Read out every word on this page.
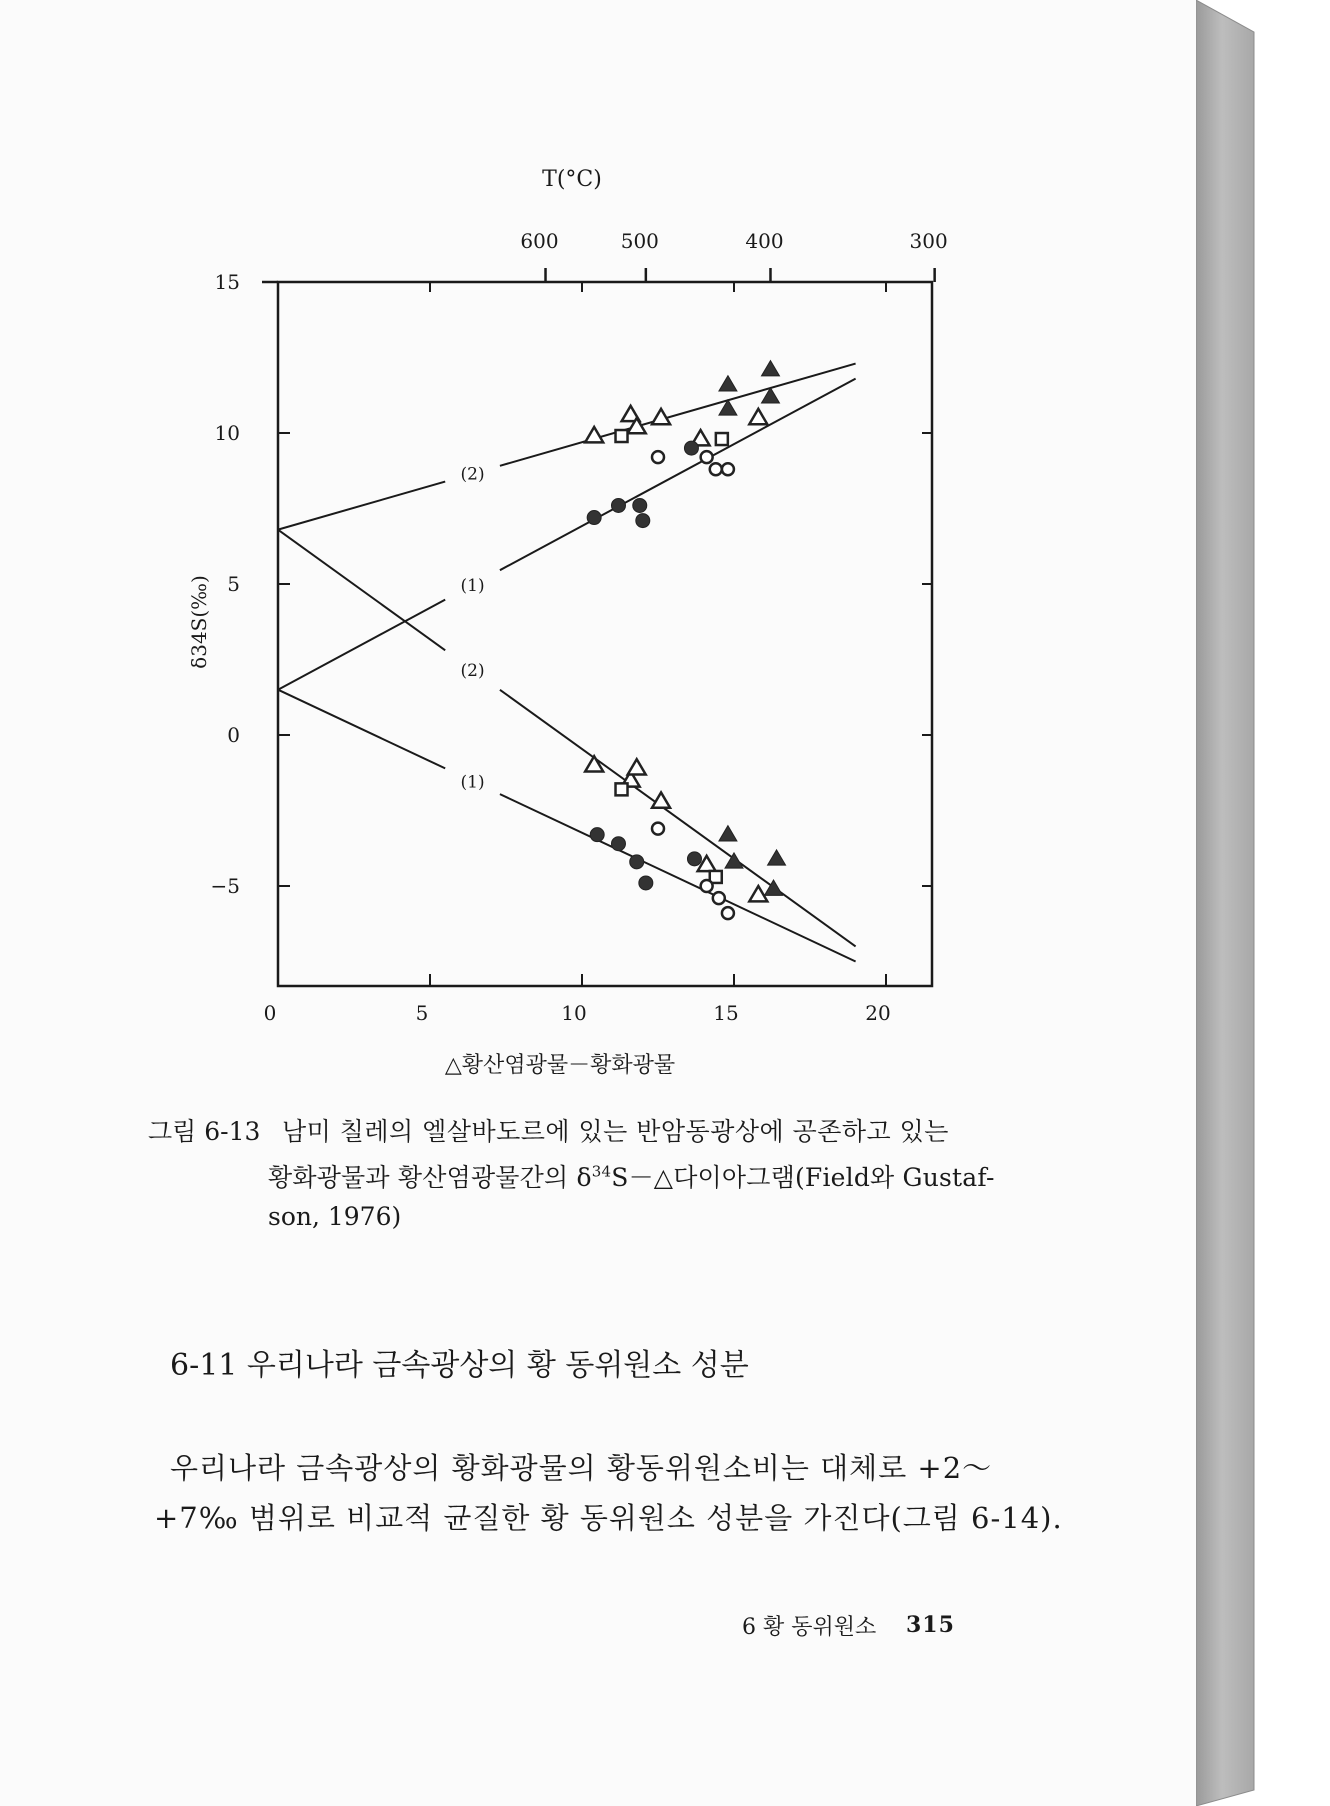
15
10
5
0
−5
0	5	10	15	20
600	500	400	300
T(°C)
δ34S(‰)
△황산염광물－황화광물
(2)
(1)
(2)
(1)
그림 6-13 남미 칠레의 엘살바도르에 있는 반암동광상에 공존하고 있는
황화광물과 황산염광물간의 $\delta^{34}S-\triangle$다이아그램(Field와 Gustaf-
son, 1976)
6-11 우리나라 금속광상의 황 동위원소 성분
우리나라 금속광상의 황화광물의 황동위원소비는 대체로 +2～
+7‰ 범위로 비교적 균질한 황 동위원소 성분을 가진다(그림 6-14).
6 황 동위원소 315
